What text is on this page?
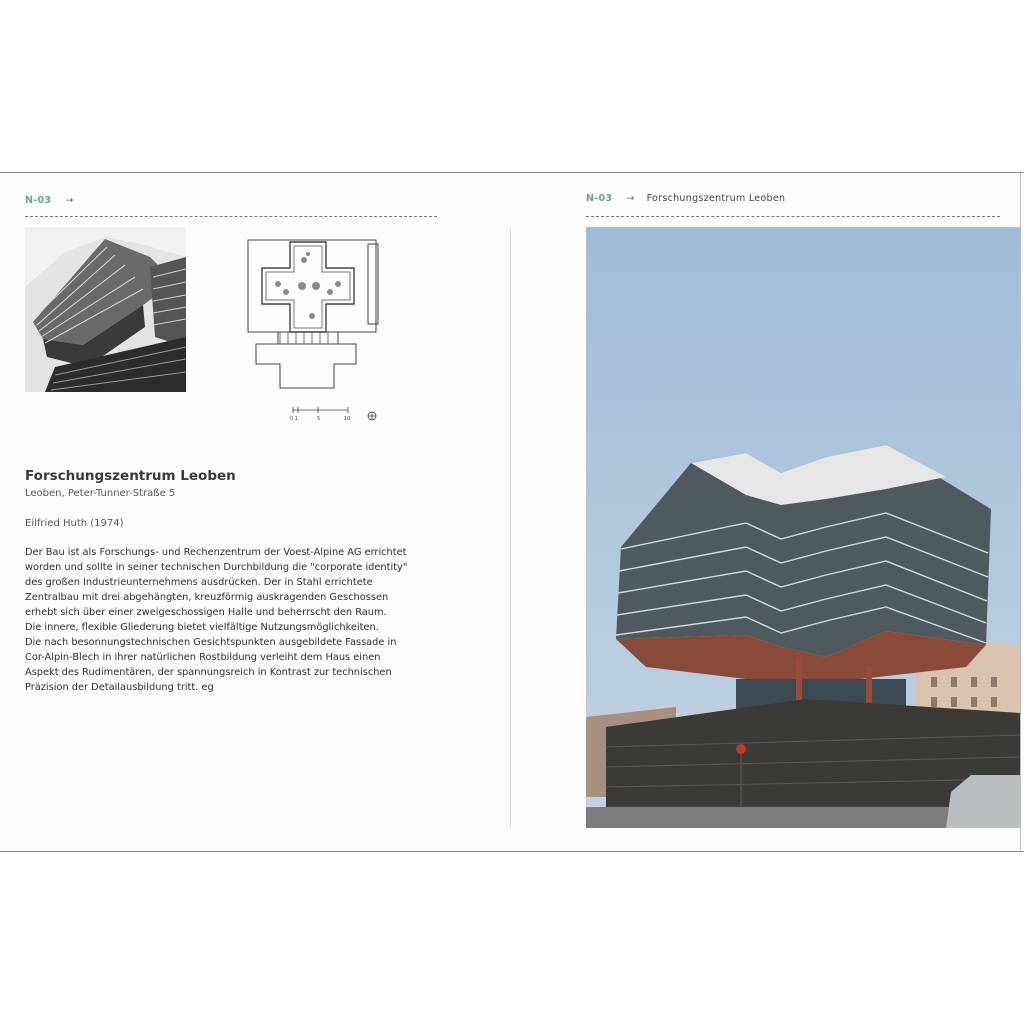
N-03 →
0 1	5	10
Forschungszentrum Leoben
Leoben, Peter-Tunner-Straße 5
Eilfried Huth (1974)
Der Bau ist als Forschungs- und Rechenzentrum der Voest-Alpine AG errichtet
worden und sollte in seiner technischen Durchbildung die "corporate identity"
des großen Industrieunternehmens ausdrücken. Der in Stahl errichtete
Zentralbau mit drei abgehängten, kreuzförmig auskragenden Geschossen
erhebt sich über einer zweigeschossigen Halle und beherrscht den Raum.
Die innere, flexible Gliederung bietet vielfältige Nutzungsmöglichkeiten.
Die nach besonnungstechnischen Gesichtspunkten ausgebildete Fassade in
Cor-Alpin-Blech in ihrer natürlichen Rostbildung verleiht dem Haus einen
Aspekt des Rudimentären, der spannungsreich in Kontrast zur technischen
Präzision der Detailausbildung tritt. eg
N-03 → Forschungszentrum Leoben
